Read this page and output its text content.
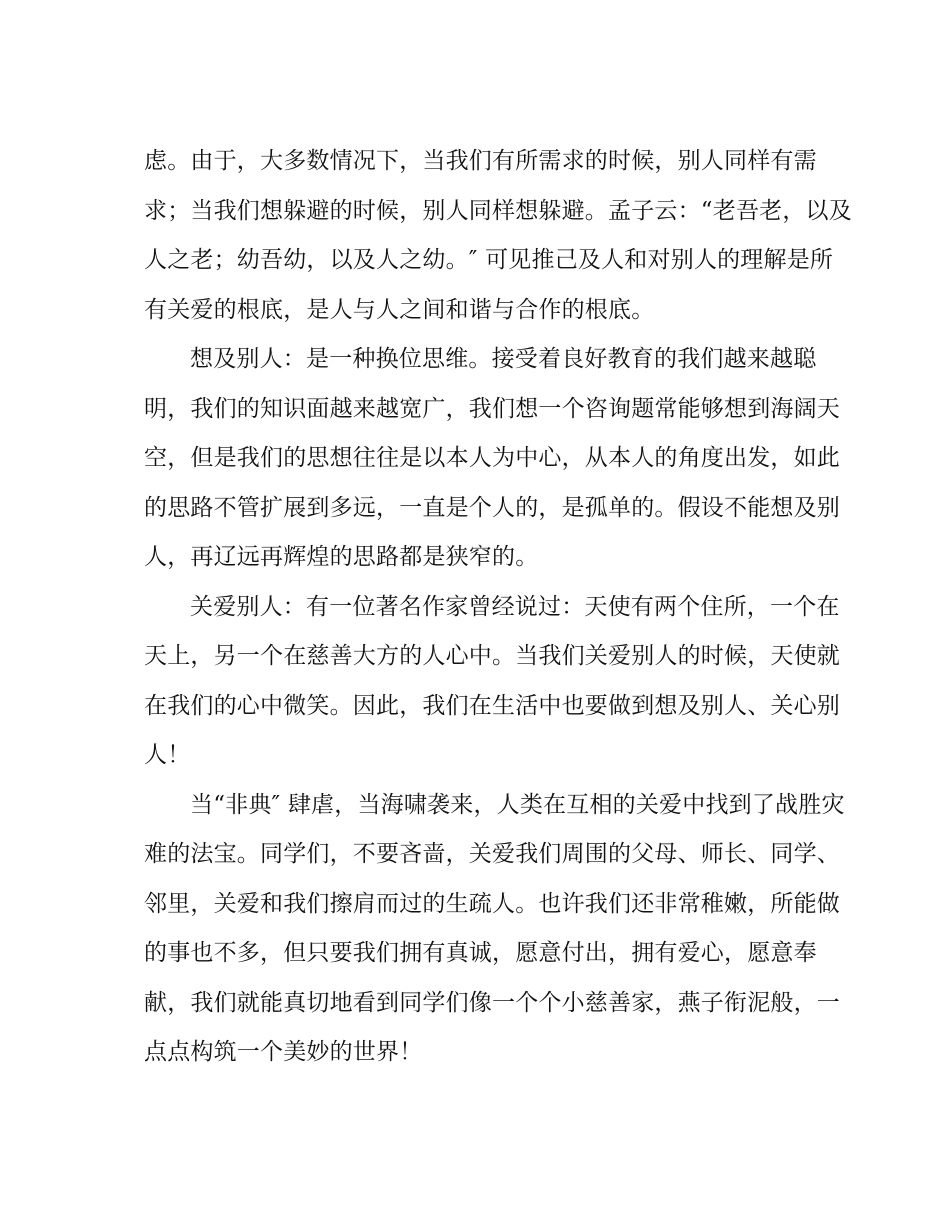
虑。由于，大多数情况下，当我们有所需求的时候，别人同样有需
求；当我们想躲避的时候，别人同样想躲避。孟子云：“老吾老，以及
人之老；幼吾幼，以及人之幼。″ 可见推己及人和对别人的理解是所
有关爱的根底，是人与人之间和谐与合作的根底。
想及别人：是一种换位思维。接受着良好教育的我们越来越聪
明，我们的知识面越来越宽广，我们想一个咨询题常能够想到海阔天
空，但是我们的思想往往是以本人为中心，从本人的角度出发，如此
的思路不管扩展到多远，一直是个人的，是孤单的。假设不能想及别
人，再辽远再辉煌的思路都是狭窄的。
关爱别人：有一位著名作家曾经说过：天使有两个住所，一个在
天上，另一个在慈善大方的人心中。当我们关爱别人的时候，天使就
在我们的心中微笑。因此，我们在生活中也要做到想及别人、关心别
人！
当“非典″ 肆虐，当海啸袭来，人类在互相的关爱中找到了战胜灾
难的法宝。同学们，不要吝啬，关爱我们周围的父母、师长、同学、
邻里，关爱和我们擦肩而过的生疏人。也许我们还非常稚嫩，所能做
的事也不多，但只要我们拥有真诚，愿意付出，拥有爱心，愿意奉
献，我们就能真切地看到同学们像一个个小慈善家，燕子衔泥般，一
点点构筑一个美妙的世界！
